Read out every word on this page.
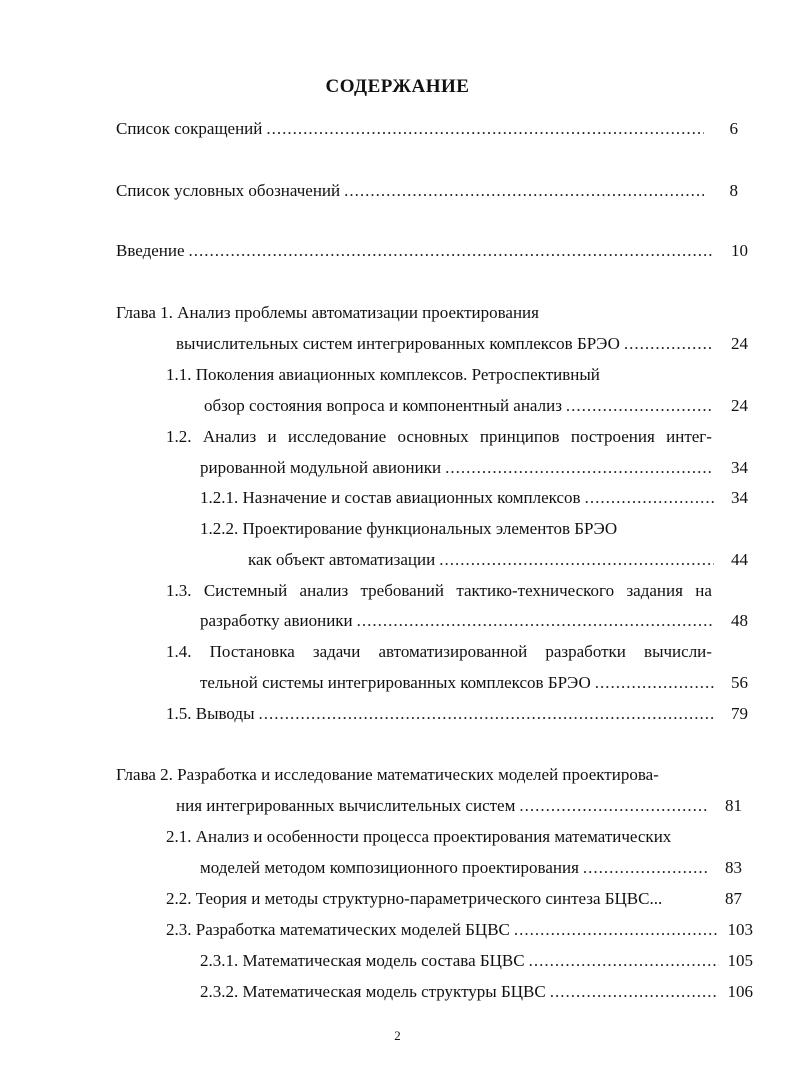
СОДЕРЖАНИЕ
Список сокращений .....	6
Список условных обозначений .....	8
Введение .....	10
Глава 1. Анализ проблемы автоматизации проектирования
вычислительных систем интегрированных комплексов БРЭО .....	24
1.1. Поколения авиационных комплексов. Ретроспективный
обзор состояния вопроса и компонентный анализ .....	24
1.2. Анализ и исследование основных принципов построения интег-
рированной модульной авионики .....	34
1.2.1. Назначение и состав авиационных комплексов .....	34
1.2.2. Проектирование функциональных элементов БРЭО
как объект автоматизации .....	44
1.3. Системный анализ требований тактико-технического задания на
разработку авионики .....	48
1.4. Постановка задачи автоматизированной разработки вычисли-
тельной системы интегрированных комплексов БРЭО .....	56
1.5. Выводы .....	79
Глава 2. Разработка и исследование математических моделей проектирова-
ния интегрированных вычислительных систем .....	81
2.1. Анализ и особенности процесса проектирования математических
моделей методом композиционного проектирования .....	83
2.2. Теория и методы структурно-параметрического синтеза БЦВС...	87
2.3. Разработка математических моделей БЦВС .....	103
2.3.1. Математическая модель состава БЦВС .....	105
2.3.2. Математическая модель структуры БЦВС .....	106
2
